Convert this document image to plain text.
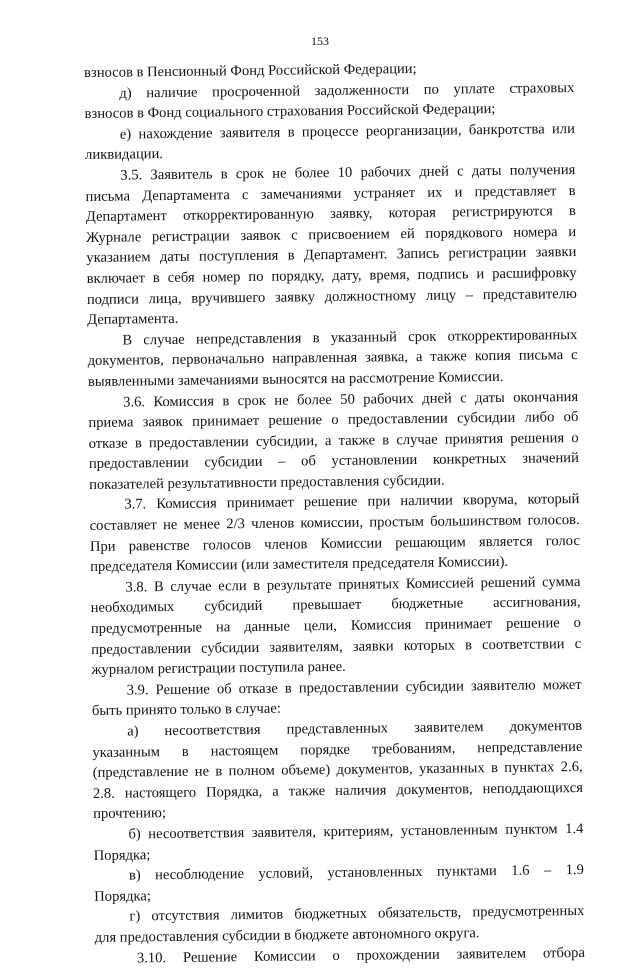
153
взносов в Пенсионный Фонд Российской Федерации;
д) наличие просроченной задолженности по уплате страховых
взносов в Фонд социального страхования Российской Федерации;
е) нахождение заявителя в процессе реорганизации, банкротства или
ликвидации.
3.5. Заявитель в срок не более 10 рабочих дней с даты получения
письма Департамента с замечаниями устраняет их и представляет в
Департамент откорректированную заявку, которая регистрируются в
Журнале регистрации заявок с присвоением ей порядкового номера и
указанием даты поступления в Департамент. Запись регистрации заявки
включает в себя номер по порядку, дату, время, подпись и расшифровку
подписи лица, вручившего заявку должностному лицу – представителю
Департамента.
В случае непредставления в указанный срок откорректированных
документов, первоначально направленная заявка, а также копия письма с
выявленными замечаниями выносятся на рассмотрение Комиссии.
3.6. Комиссия в срок не более 50 рабочих дней с даты окончания
приема заявок принимает решение о предоставлении субсидии либо об
отказе в предоставлении субсидии, а также в случае принятия решения о
предоставлении субсидии – об установлении конкретных значений
показателей результативности предоставления субсидии.
3.7. Комиссия принимает решение при наличии кворума, который
составляет не менее 2/3 членов комиссии, простым большинством голосов.
При равенстве голосов членов Комиссии решающим является голос
председателя Комиссии (или заместителя председателя Комиссии).
3.8. В случае если в результате принятых Комиссией решений сумма
необходимых субсидий превышает бюджетные ассигнования,
предусмотренные на данные цели, Комиссия принимает решение о
предоставлении субсидии заявителям, заявки которых в соответствии с
журналом регистрации поступила ранее.
3.9. Решение об отказе в предоставлении субсидии заявителю может
быть принято только в случае:
а) несоответствия представленных заявителем документов
указанным в настоящем порядке требованиям, непредставление
(представление не в полном объеме) документов, указанных в пунктах 2.6,
2.8. настоящего Порядка, а также наличия документов, неподдающихся
прочтению;
б) несоответствия заявителя, критериям, установленным пунктом 1.4
Порядка;
в) несоблюдение условий, установленных пунктами 1.6 – 1.9
Порядка;
г) отсутствия лимитов бюджетных обязательств, предусмотренных
для предоставления субсидии в бюджете автономного округа.
3.10. Решение Комиссии о прохождении заявителем отбора
